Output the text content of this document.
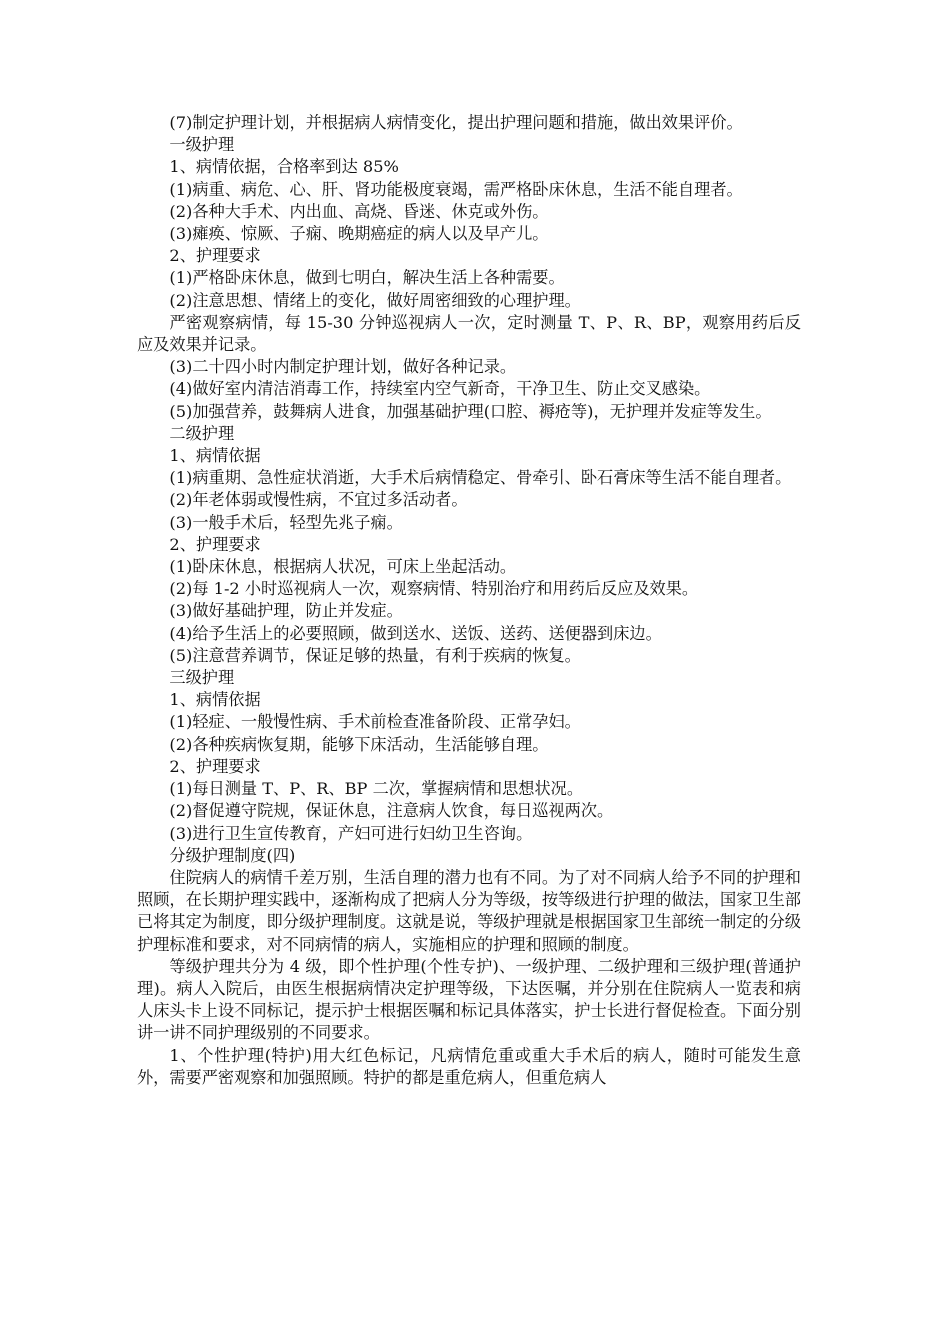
(7)制定护理计划，并根据病人病情变化，提出护理问题和措施，做出效果评价。

一级护理

1、病情依据，合格率到达 85%

(1)病重、病危、心、肝、肾功能极度衰竭，需严格卧床休息，生活不能自理者。

(2)各种大手术、内出血、高烧、昏迷、休克或外伤。

(3)瘫痪、惊厥、子痫、晚期癌症的病人以及早产儿。

2、护理要求

(1)严格卧床休息，做到七明白，解决生活上各种需要。

(2)注意思想、情绪上的变化，做好周密细致的心理护理。

严密观察病情，每 15-30 分钟巡视病人一次，定时测量 T、P、R、BP，观察用药后反应及效果并记录。

(3)二十四小时内制定护理计划，做好各种记录。

(4)做好室内清洁消毒工作，持续室内空气新奇，干净卫生、防止交叉感染。

(5)加强营养，鼓舞病人进食，加强基础护理(口腔、褥疮等)，无护理并发症等发生。

二级护理

1、病情依据

(1)病重期、急性症状消逝，大手术后病情稳定、骨牵引、卧石膏床等生活不能自理者。

(2)年老体弱或慢性病，不宜过多活动者。

(3)一般手术后，轻型先兆子痫。

2、护理要求

(1)卧床休息，根据病人状况，可床上坐起活动。

(2)每 1-2 小时巡视病人一次，观察病情、特别治疗和用药后反应及效果。

(3)做好基础护理，防止并发症。

(4)给予生活上的必要照顾，做到送水、送饭、送药、送便器到床边。

(5)注意营养调节，保证足够的热量，有利于疾病的恢复。

三级护理

1、病情依据

(1)轻症、一般慢性病、手术前检查准备阶段、正常孕妇。

(2)各种疾病恢复期，能够下床活动，生活能够自理。

2、护理要求

(1)每日测量 T、P、R、BP 二次，掌握病情和思想状况。

(2)督促遵守院规，保证休息，注意病人饮食，每日巡视两次。

(3)进行卫生宣传教育，产妇可进行妇幼卫生咨询。

分级护理制度(四)

住院病人的病情千差万别，生活自理的潜力也有不同。为了对不同病人给予不同的护理和照顾，在长期护理实践中，逐渐构成了把病人分为等级，按等级进行护理的做法，国家卫生部已将其定为制度，即分级护理制度。这就是说，等级护理就是根据国家卫生部统一制定的分级护理标准和要求，对不同病情的病人，实施相应的护理和照顾的制度。

等级护理共分为 4 级，即个性护理(个性专护)、一级护理、二级护理和三级护理(普通护理)。病人入院后，由医生根据病情决定护理等级，下达医嘱，并分别在住院病人一览表和病人床头卡上设不同标记，提示护士根据医嘱和标记具体落实，护士长进行督促检查。下面分别讲一讲不同护理级别的不同要求。

1、个性护理(特护)用大红色标记，凡病情危重或重大手术后的病人，随时可能发生意外，需要严密观察和加强照顾。特护的都是重危病人，但重危病人
